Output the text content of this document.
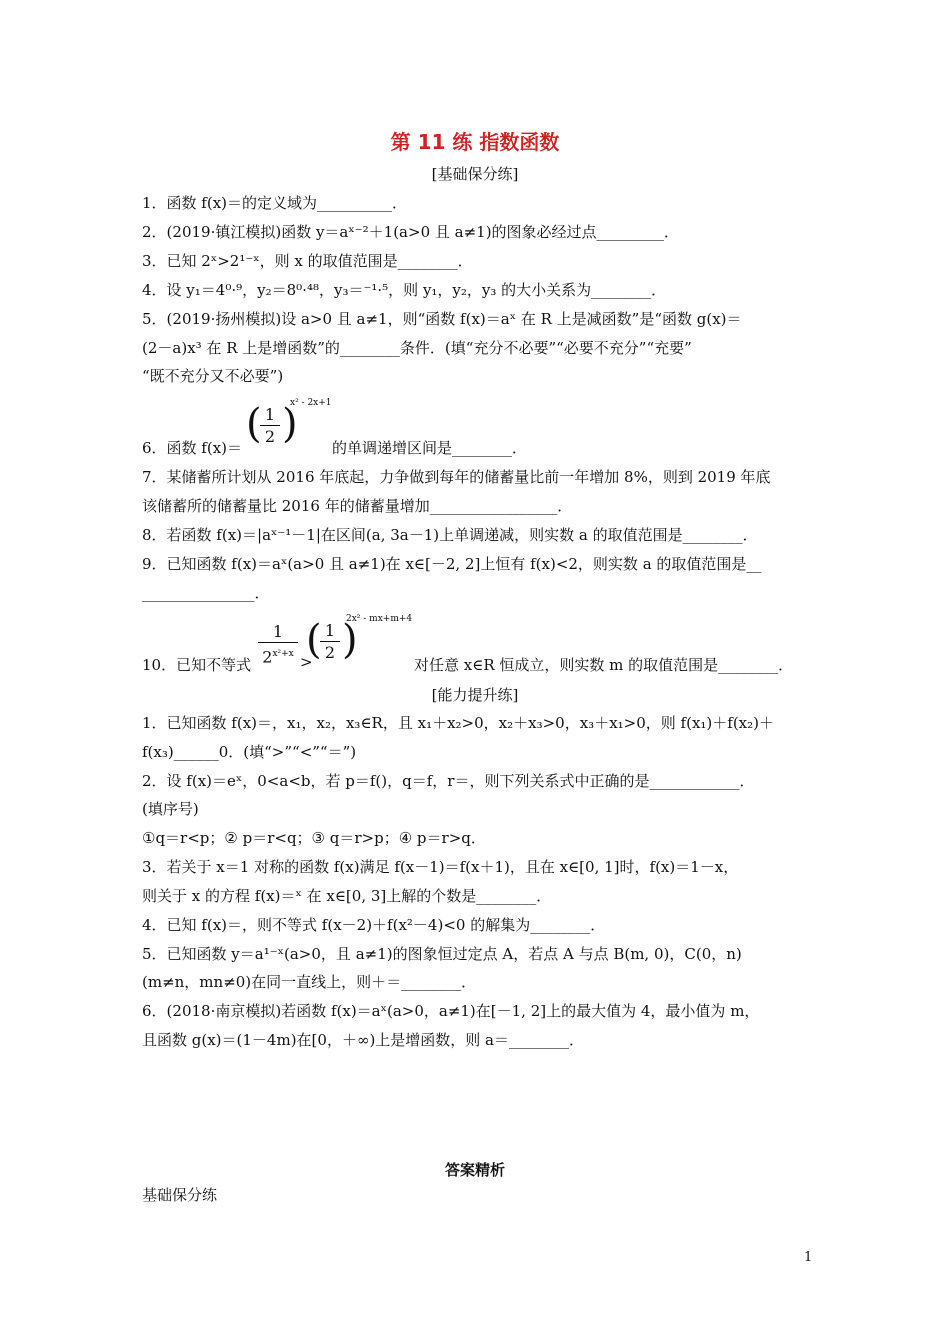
第 11 练 指数函数
[基础保分练]
1．函数 f(x)＝的定义域为__________．
2．(2019·镇江模拟)函数 y＝aˣ⁻²＋1(a>0 且 a≠1)的图象必经过点_________．
3．已知 2ˣ>2¹⁻ˣ，则 x 的取值范围是________．
4．设 y₁＝4⁰·⁹，y₂＝8⁰·⁴⁸，y₃＝⁻¹·⁵，则 y₁，y₂，y₃ 的大小关系为________．
5．(2019·扬州模拟)设 a>0 且 a≠1，则“函数 f(x)＝aˣ 在 R 上是减函数”是“函数 g(x)＝
(2－a)x³ 在 R 上是增函数”的________条件．(填“充分不必要”“必要不充分”“充要”
“既不充分又不必要”)
6．函数 f(x)＝
(
$\frac{1}{2}$ )
x² - 2x+1
的单调递增区间是________．
7．某储蓄所计划从 2016 年底起，力争做到每年的储蓄量比前一年增加 8%，则到 2019 年底
该储蓄所的储蓄量比 2016 年的储蓄量增加_________________．
8．若函数 f(x)＝|aˣ⁻¹－1|在区间(a, 3a－1)上单调递减，则实数 a 的取值范围是________．
9．已知函数 f(x)＝aˣ(a>0 且 a≠1)在 x∈[－2, 2]上恒有 f(x)<2，则实数 a 的取值范围是__
_______________．
10．已知不等式 $\frac{1}{2^{x^2+x}}$ >
(
$\frac{1}{2}$ )
2x² - mx+m+4
对任意 x∈R 恒成立，则实数 m 的取值范围是________．
[能力提升练]
1．已知函数 f(x)＝，x₁，x₂，x₃∈R，且 x₁＋x₂>0，x₂＋x₃>0，x₃＋x₁>0，则 f(x₁)＋f(x₂)＋
f(x₃)______0．(填“>”“<”“＝”)
2．设 f(x)＝eˣ，0<a<b，若 p＝f()，q＝f，r＝，则下列关系式中正确的是____________．
(填序号)
①q＝r<p；② p＝r<q；③ q＝r>p；④ p＝r>q．
3．若关于 x＝1 对称的函数 f(x)满足 f(x－1)＝f(x＋1)，且在 x∈[0, 1]时，f(x)＝1－x，
则关于 x 的方程 f(x)＝ˣ 在 x∈[0, 3]上解的个数是________．
4．已知 f(x)＝，则不等式 f(x－2)＋f(x²－4)<0 的解集为________．
5．已知函数 y＝a¹⁻ˣ(a>0，且 a≠1)的图象恒过定点 A，若点 A 与点 B(m, 0)，C(0，n)
(m≠n，mn≠0)在同一直线上，则＋＝________．
6．(2018·南京模拟)若函数 f(x)＝aˣ(a>0，a≠1)在[－1, 2]上的最大值为 4，最小值为 m，
且函数 g(x)＝(1－4m)在[0，＋∞)上是增函数，则 a＝________．
答案精析
基础保分练
1
